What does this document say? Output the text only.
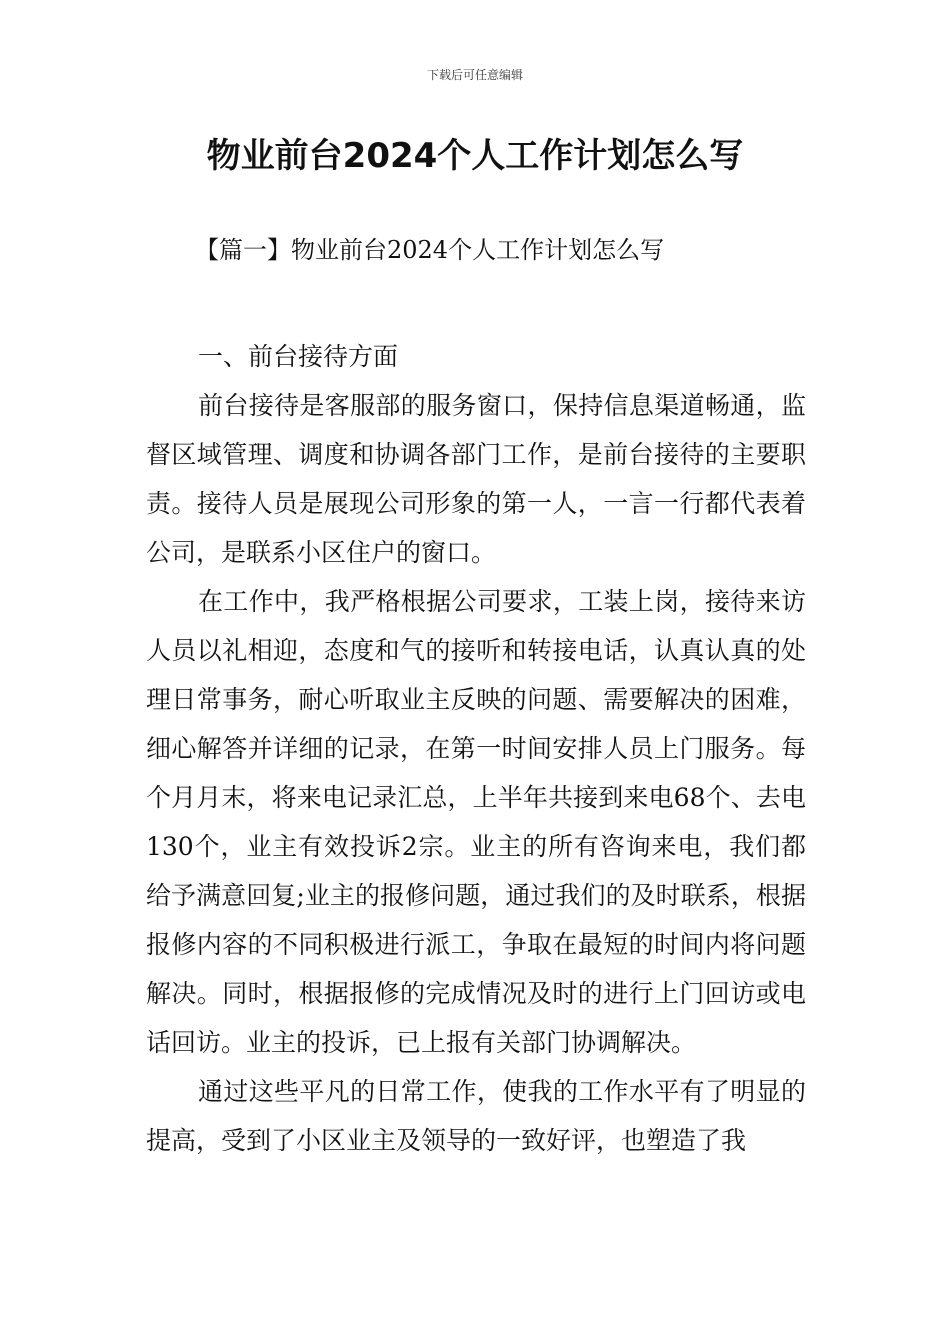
下载后可任意编辑
物业前台2024个人工作计划怎么写
【篇一】物业前台2024个人工作计划怎么写

一、前台接待方面

前台接待是客服部的服务窗口，保持信息渠道畅通，监督区域管理、调度和协调各部门工作，是前台接待的主要职责。接待人员是展现公司形象的第一人，一言一行都代表着公司，是联系小区住户的窗口。

在工作中，我严格根据公司要求，工装上岗，接待来访人员以礼相迎，态度和气的接听和转接电话，认真认真的处理日常事务，耐心听取业主反映的问题、需要解决的困难，细心解答并详细的记录，在第一时间安排人员上门服务。每个月月末，将来电记录汇总，上半年共接到来电68个、去电130个，业主有效投诉2宗。业主的所有咨询来电，我们都给予满意回复;业主的报修问题，通过我们的及时联系，根据报修内容的不同积极进行派工，争取在最短的时间内将问题解决。同时，根据报修的完成情况及时的进行上门回访或电话回访。业主的投诉，已上报有关部门协调解决。

通过这些平凡的日常工作，使我的工作水平有了明显的提高，受到了小区业主及领导的一致好评，也塑造了我
